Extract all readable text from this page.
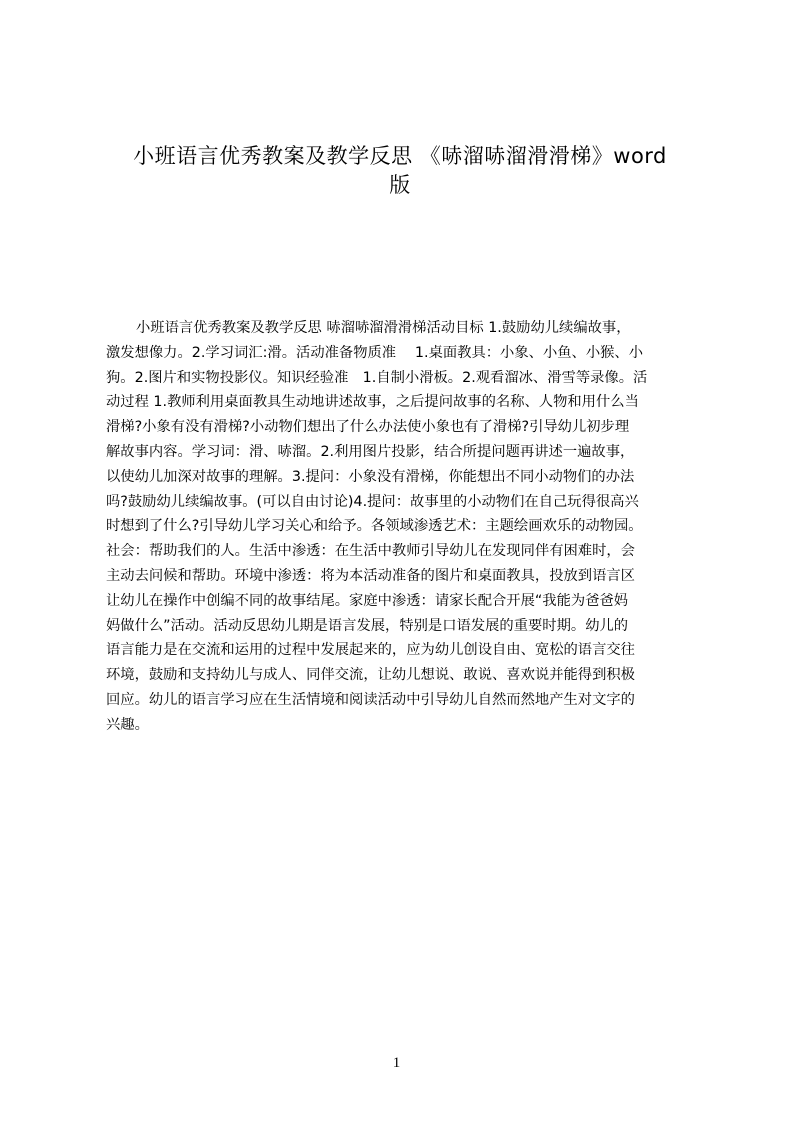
小班语言优秀教案及教学反思 《哧溜哧溜滑滑梯》word
版
小班语言优秀教案及教学反思 哧溜哧溜滑滑梯活动目标 1.鼓励幼儿续编故事，
激发想像力。2.学习词汇:滑。活动准备物质准　 1.桌面教具：小象、小鱼、小猴、小
狗。2.图片和实物投影仪。知识经验准　1.自制小滑板。2.观看溜冰、滑雪等录像。活
动过程 1.教师利用桌面教具生动地讲述故事，之后提问故事的名称、人物和用什么当
滑梯?小象有没有滑梯?小动物们想出了什么办法使小象也有了滑梯?引导幼儿初步理
解故事内容。学习词：滑、哧溜。2.利用图片投影，结合所提问题再讲述一遍故事，
以使幼儿加深对故事的理解。3.提问：小象没有滑梯，你能想出不同小动物们的办法
吗?鼓励幼儿续编故事。(可以自由讨论)4.提问：故事里的小动物们在自己玩得很高兴
时想到了什么?引导幼儿学习关心和给予。各领域渗透艺术：主题绘画欢乐的动物园。
社会：帮助我们的人。生活中渗透：在生活中教师引导幼儿在发现同伴有困难时，会
主动去问候和帮助。环境中渗透：将为本活动准备的图片和桌面教具，投放到语言区
让幼儿在操作中创编不同的故事结尾。家庭中渗透：请家长配合开展“我能为爸爸妈
妈做什么”活动。活动反思幼儿期是语言发展，特别是口语发展的重要时期。幼儿的
语言能力是在交流和运用的过程中发展起来的，应为幼儿创设自由、宽松的语言交往
环境，鼓励和支持幼儿与成人、同伴交流，让幼儿想说、敢说、喜欢说并能得到积极
回应。幼儿的语言学习应在生活情境和阅读活动中引导幼儿自然而然地产生对文字的
兴趣。
1
